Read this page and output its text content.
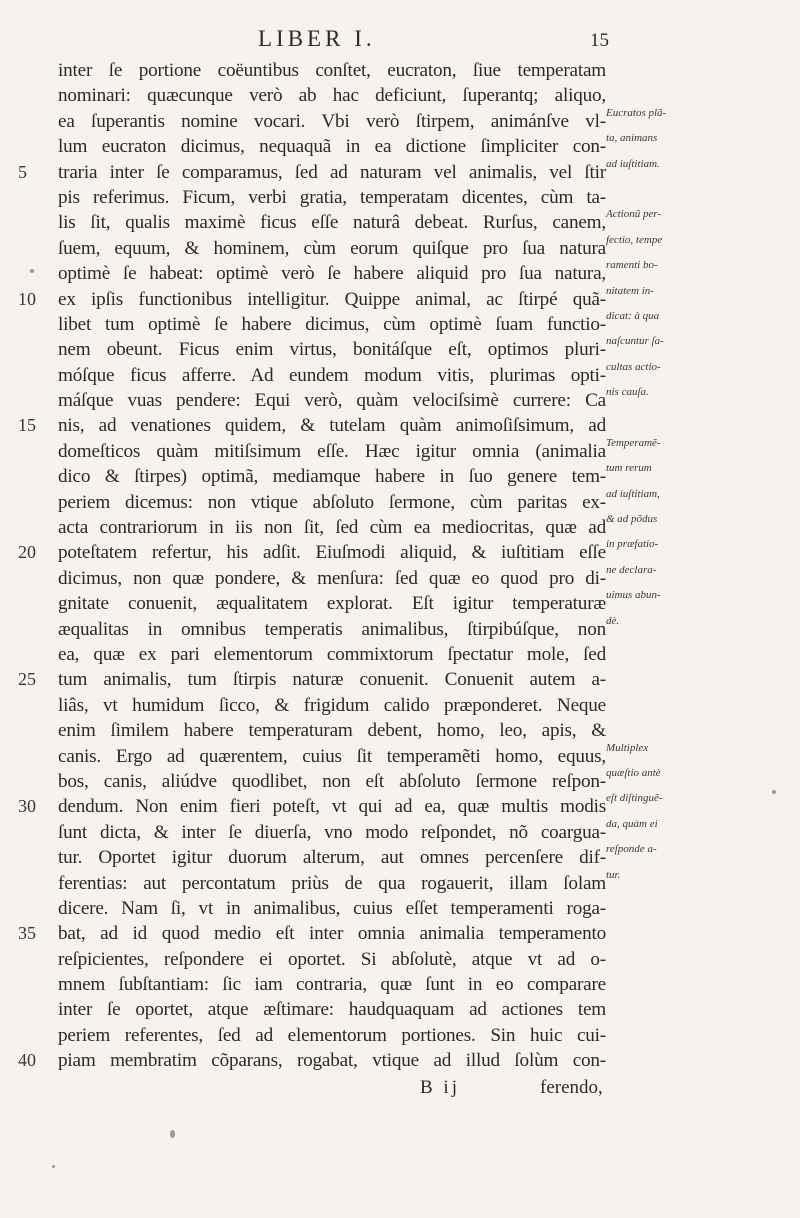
LIBER I.	15
inter ſe portione coëuntibus conſtet, eucraton, ſiue temperatam
nominari: quæcunque verò ab hac deficiunt, ſuperantq; aliquo,
ea ſuperantis nomine vocari. Vbi verò ſtirpem, animánſve vl- Eucratos plã-
lum eucraton dicimus, nequaquã in ea dictione ſimpliciter con- ta, animans
5 traria inter ſe comparamus, ſed ad naturam vel animalis, vel ſtir ad iuſtitiam.
pis referimus. Ficum, verbi gratia, temperatam dicentes, cùm ta-
lis ſit, qualis maximè ficus eſſe naturâ debeat. Rurſus, canem, Actionũ per-
ſuem, equum, & hominem, cùm eorum quiſque pro ſua natura fectio, tempe
optimè ſe habeat: optimè verò ſe habere aliquid pro ſua natura, ramenti bo-
10 ex ipſis functionibus intelligitur. Quippe animal, ac ſtirpé quã- nitatem in-
libet tum optimè ſe habere dicimus, cùm optimè ſuam functio- dicat: à qua
nem obeunt. Ficus enim virtus, bonitáſque eſt, optimos pluri- naſcuntur ſa-
móſque ficus afferre. Ad eundem modum vitis, plurimas opti- cultas actio-
máſque vuas pendere: Equi verò, quàm velociſsimè currere: Ca nis cauſa.
15 nis, ad venationes quidem, & tutelam quàm animoſiſsimum, ad
domeſticos quàm mitiſsimum eſſe. Hæc igitur omnia (animalia Temperamẽ-
dico & ſtirpes) optimã, mediamque habere in ſuo genere tem- tum rerum
periem dicemus: non vtique abſoluto ſermone, cùm paritas ex- ad iuſtitiam,
acta contrariorum in iis non ſit, ſed cùm ea mediocritas, quæ ad & ad põdus
20 poteſtatem refertur, his adſit. Eiuſmodi aliquid, & iuſtitiam eſſe in præfatio-
dicimus, non quæ pondere, & menſura: ſed quæ eo quod pro di- ne declara-
gnitate conuenit, æqualitatem explorat. Eſt igitur temperaturæ uimus abun-
æqualitas in omnibus temperatis animalibus, ſtirpibúſque, non dè.
ea, quæ ex pari elementorum commixtorum ſpectatur mole, ſed
25 tum animalis, tum ſtirpis naturæ conuenit. Conuenit autem a-
liâs, vt humidum ſicco, & frigidum calido præponderet. Neque
enim ſimilem habere temperaturam debent, homo, leo, apis, &
canis. Ergo ad quærentem, cuius ſit temperamẽti homo, equus, Multiplex
bos, canis, aliúdve quodlibet, non eſt abſoluto ſermone reſpon- quæſtio antè
30 dendum. Non enim fieri poteſt, vt qui ad ea, quæ multis modis eſt diſtinguẽ-
ſunt dicta, & inter ſe diuerſa, vno modo reſpondet, nõ coargua- da, quàm ei
tur. Oportet igitur duorum alterum, aut omnes percenſere dif- reſponde a-
ferentias: aut percontatum priùs de qua rogauerit, illam ſolam tur.
dicere. Nam ſi, vt in animalibus, cuius eſſet temperamenti roga-
35 bat, ad id quod medio eſt inter omnia animalia temperamento
reſpicientes, reſpondere ei oportet. Si abſolutè, atque vt ad o-
mnem ſubſtantiam: ſic iam contraria, quæ ſunt in eo comparare
inter ſe oportet, atque æſtimare: haudquaquam ad actiones tem
periem referentes, ſed ad elementorum portiones. Sin huic cui-
40 piam membratim cõparans, rogabat, vtique ad illud ſolùm con-
B ij	ferendo,
